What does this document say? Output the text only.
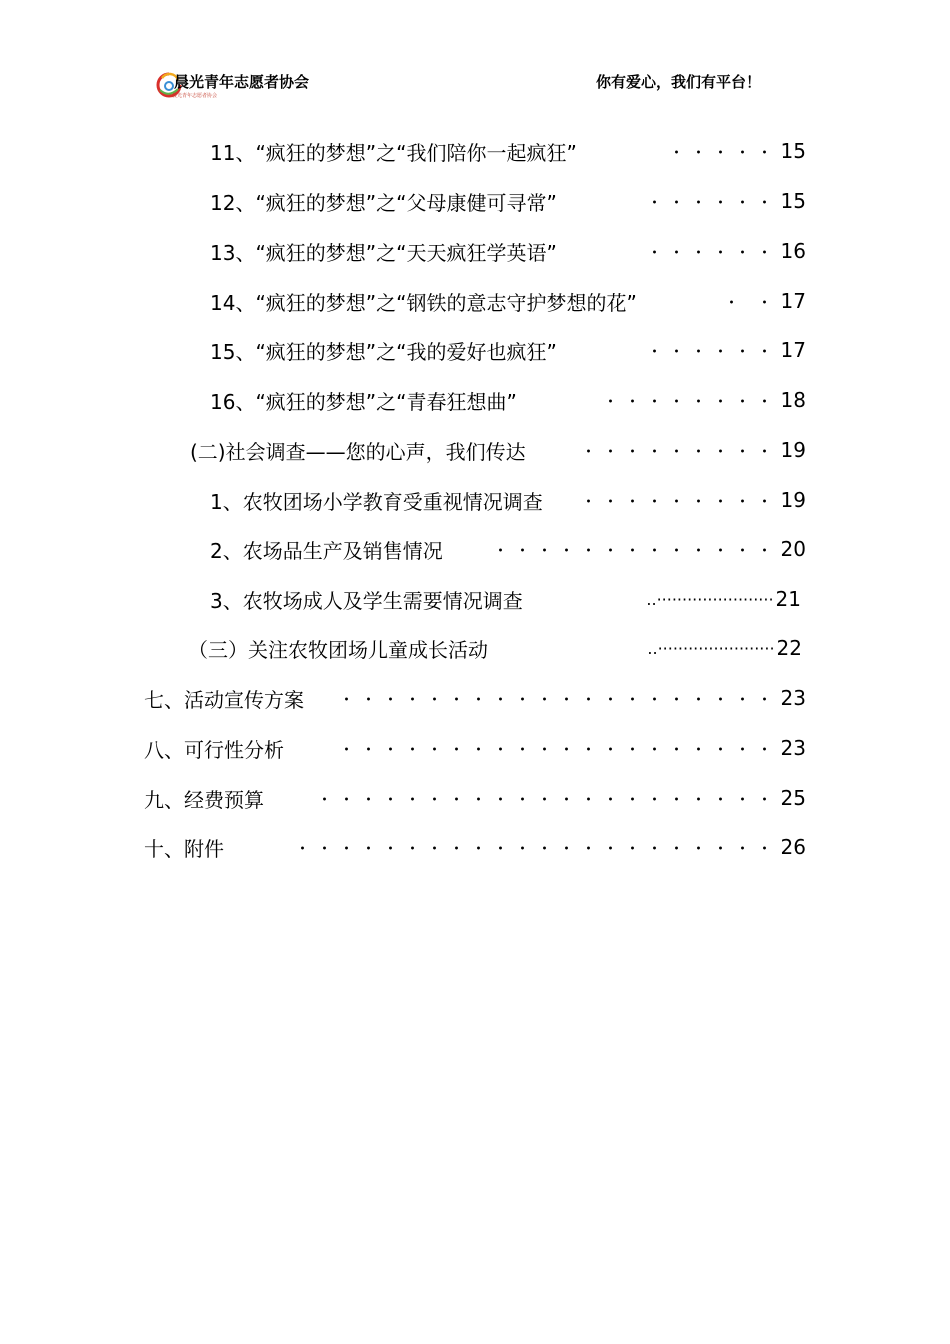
晨光青年志愿者协会
晨光青年志愿者协会
你有爱心，我们有平台！
11、“疯狂的梦想”之“我们陪你一起疯狂”	・・・・・ 15
12、“疯狂的梦想”之“父母康健可寻常”	・・・・・・ 15
13、“疯狂的梦想”之“天天疯狂学英语”	・・・・・・ 16
14、“疯狂的梦想”之“钢铁的意志守护梦想的花”	・ ・ 17
15、“疯狂的梦想”之“我的爱好也疯狂”	・・・・・・ 17
16、“疯狂的梦想”之“青春狂想曲”	・・・・・・・・ 18
(二)社会调查——您的心声，我们传达	・・・・・・・・・ 19
1、农牧团场小学教育受重视情况调查	・・・・・・・・・ 19
2、农场品生产及销售情况	・・・・・・・・・・・・・ 20
3、农牧场成人及学生需要情况调查	·······················.. 21
（三）关注农牧团场儿童成长活动	·······················.. 22
七、活动宣传方案	・・・・・・・・・・・・・・・・・・・・ 23
八、可行性分析	・・・・・・・・・・・・・・・・・・・・ 23
九、经费预算	・・・・・・・・・・・・・・・・・・・・・ 25
十、附件	・・・・・・・・・・・・・・・・・・・・・・ 26
